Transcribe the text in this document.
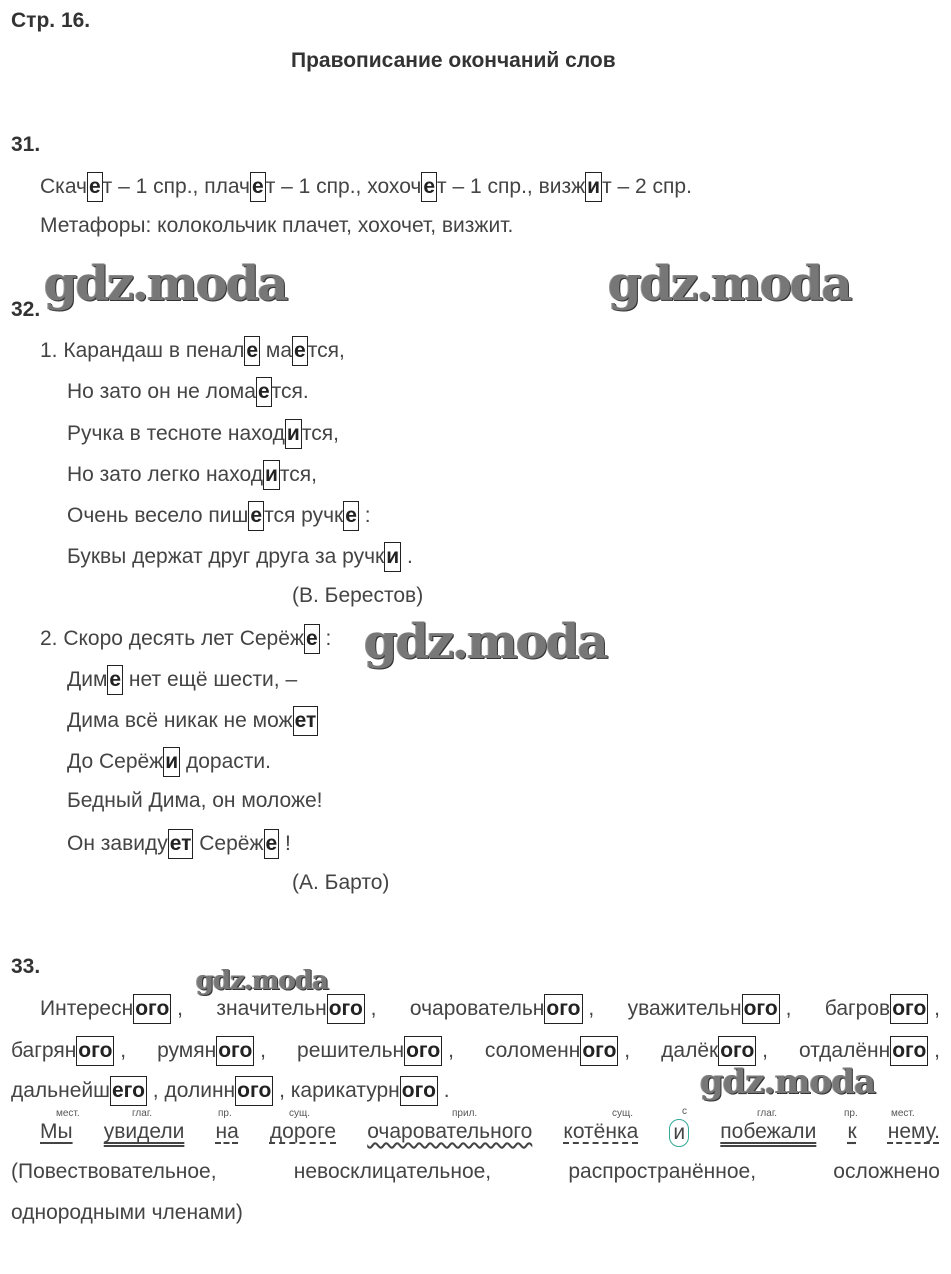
Стр. 16.
Правописание окончаний слов
gdz.moda	gdz.moda
gdz.moda
gdz.moda
gdz.moda
31.
Скачет – 1 спр., плачет – 1 спр., хохочет – 1 спр., визжит – 2 спр.
Метафоры: колокольчик плачет, хохочет, визжит.
32.
1. Карандаш в пенале мается,
Но зато он не ломается.
Ручка в тесноте находится,
Но зато легко находится,
Очень весело пишется ручке :
Буквы держат друг друга за ручки .
(В. Берестов)
2. Скоро десять лет Серёже :
Диме нет ещё шести, –
Дима всё никак не может
До Серёжи дорасти.
Бедный Дима, он моложе!
Он завидует Серёже !
(А. Барто)
33.
Интересного , значительного , очаровательного , уважительного , багрового ,
багряного , румяного , решительного , соломенного , далёкого , отдалённого ,
дальнейшего , долинного , карикатурного .
мест.	глаг.	пр.	сущ.	прил.	сущ.	с	глаг.	пр.	мест.
Мы увидели на дороге очаровательного котёнка и побежали к нему.
(Повествовательное,	невосклицательное,	распространённое,	осложнено
однородными членами)
